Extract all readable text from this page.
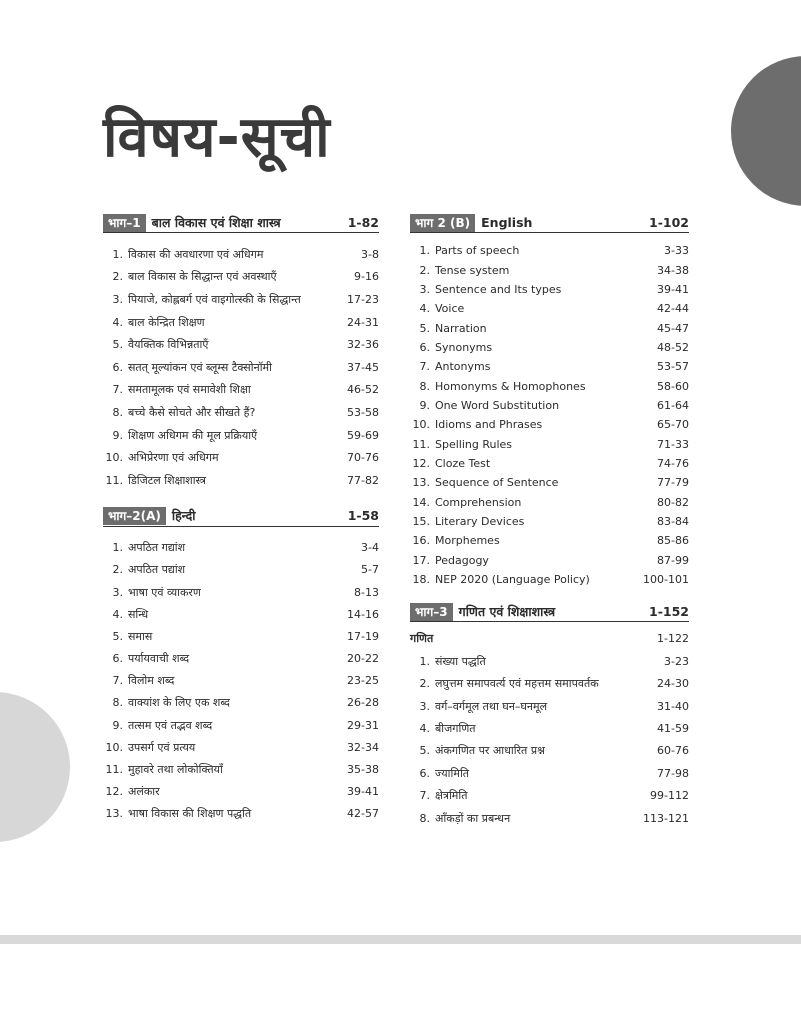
विषय-सूची
भाग–1 बाल विकास एवं शिक्षा शास्त्र	1-82
1. विकास की अवधारणा एवं अधिगम	3-8
2. बाल विकास के सिद्धान्त एवं अवस्थाएँ	9-16
3. पियाजे, कोह्लबर्ग एवं वाइगोत्स्की के सिद्धान्त	17-23
4. बाल केन्द्रित शिक्षण	24-31
5. वैयक्तिक विभिन्नताएँ	32-36
6. सतत् मूल्यांकन एवं ब्लूम्स टैक्सोनॉमी	37-45
7. समतामूलक एवं समावेशी शिक्षा	46-52
8. बच्चे कैसे सोचते और सीखते हैं?	53-58
9. शिक्षण अधिगम की मूल प्रक्रियाएँ	59-69
10. अभिप्रेरणा एवं अधिगम	70-76
11. डिजिटल शिक्षाशास्त्र	77-82
भाग–2(A) हिन्दी	1-58
1. अपठित गद्यांश	3-4
2. अपठित पद्यांश	5-7
3. भाषा एवं व्याकरण	8-13
4. सन्धि	14-16
5. समास	17-19
6. पर्यायवाची शब्द	20-22
7. विलोम शब्द	23-25
8. वाक्यांश के लिए एक शब्द	26-28
9. तत्सम एवं तद्भव शब्द	29-31
10. उपसर्ग एवं प्रत्यय	32-34
11. मुहावरे तथा लोकोक्तियाँ	35-38
12. अलंकार	39-41
13. भाषा विकास की शिक्षण पद्धति	42-57
भाग 2 (B) English	1-102
1. Parts of speech	3-33
2. Tense system	34-38
3. Sentence and Its types	39-41
4. Voice	42-44
5. Narration	45-47
6. Synonyms	48-52
7. Antonyms	53-57
8. Homonyms & Homophones	58-60
9. One Word Substitution	61-64
10. Idioms and Phrases	65-70
11. Spelling Rules	71-33
12. Cloze Test	74-76
13. Sequence of Sentence	77-79
14. Comprehension	80-82
15. Literary Devices	83-84
16. Morphemes	85-86
17. Pedagogy	87-99
18. NEP 2020 (Language Policy)	100-101
भाग–3 गणित एवं शिक्षाशास्त्र	1-152
गणित	1-122
1. संख्या पद्धति	3-23
2. लघुत्तम समापवर्त्य एवं महत्तम समापवर्तक	24-30
3. वर्ग–वर्गमूल तथा घन–घनमूल	31-40
4. बीजगणित	41-59
5. अंकगणित पर आधारित प्रश्न	60-76
6. ज्यामिति	77-98
7. क्षेत्रमिति	99-112
8. आँकड़ों का प्रबन्धन	113-121
